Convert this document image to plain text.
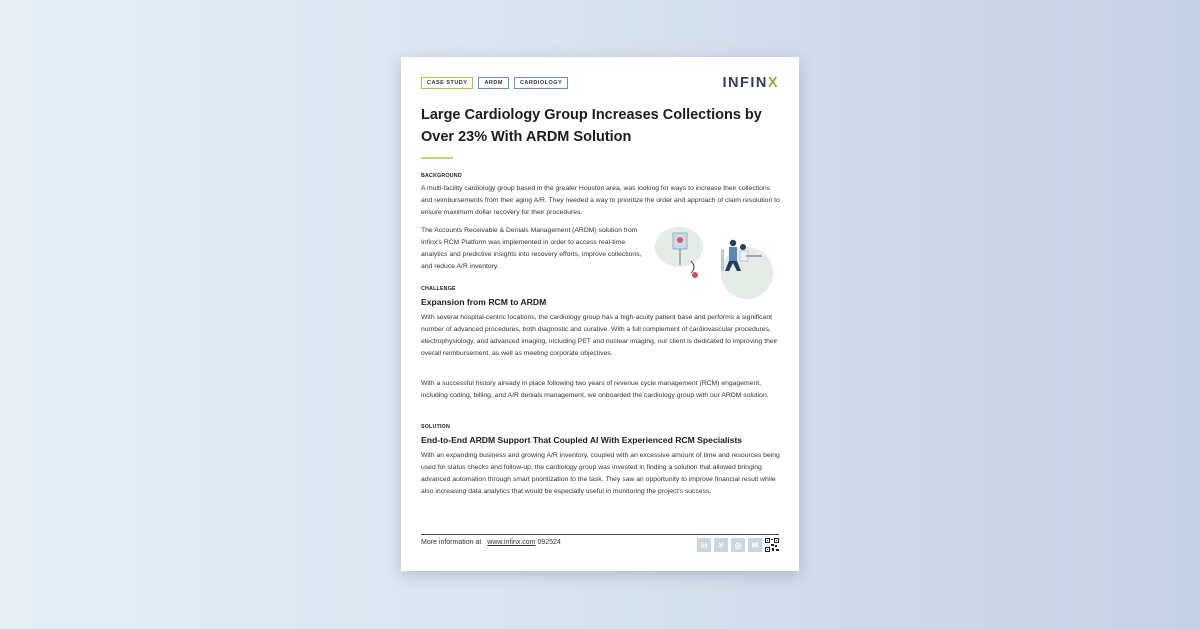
CASE STUDY	ARDM	CARDIOLOGY	INFINX
Large Cardiology Group Increases Collections by Over 23% With ARDM Solution
BACKGROUND
A multi-facility cardiology group based in the greater Houston area, was looking for ways to increase their collections and reimbursements from their aging A/R. They needed a way to prioritize the order and approach of claim resolution to ensure maximum dollar recovery for their procedures.
The Accounts Receivable & Denials Management (ARDM) solution from Infinx's RCM Platform was implemented in order to access real-time analytics and predictive insights into recovery efforts, improve collections, and reduce A/R inventory.
CHALLENGE
Expansion from RCM to ARDM
With several hospital-centric locations, the cardiology group has a high-acuity patient base and performs a significant number of advanced procedures, both diagnostic and curative. With a full complement of cardiovascular procedures, electrophysiology, and advanced imaging, including PET and nuclear imaging, our client is dedicated to improving their overall reimbursement, as well as meeting corporate objectives.
With a successful history already in place following two years of revenue cycle management (RCM) engagement, including coding, billing, and A/R denials management, we onboarded the cardiology group with our ARDM solution.
SOLUTION
End-to-End ARDM Support That Coupled AI With Experienced RCM Specialists
With an expanding business and growing A/R inventory, coupled with an excessive amount of time and resources being used for status checks and follow-up, the cardiology group was invested in finding a solution that allowed bringing advanced automation through smart prioritization to the task. They saw an opportunity to improve financial result while also increasing data analytics that would be especially useful in monitoring the project's success.
More information at www.infinx.com 092524	in	✕	◎	✉
